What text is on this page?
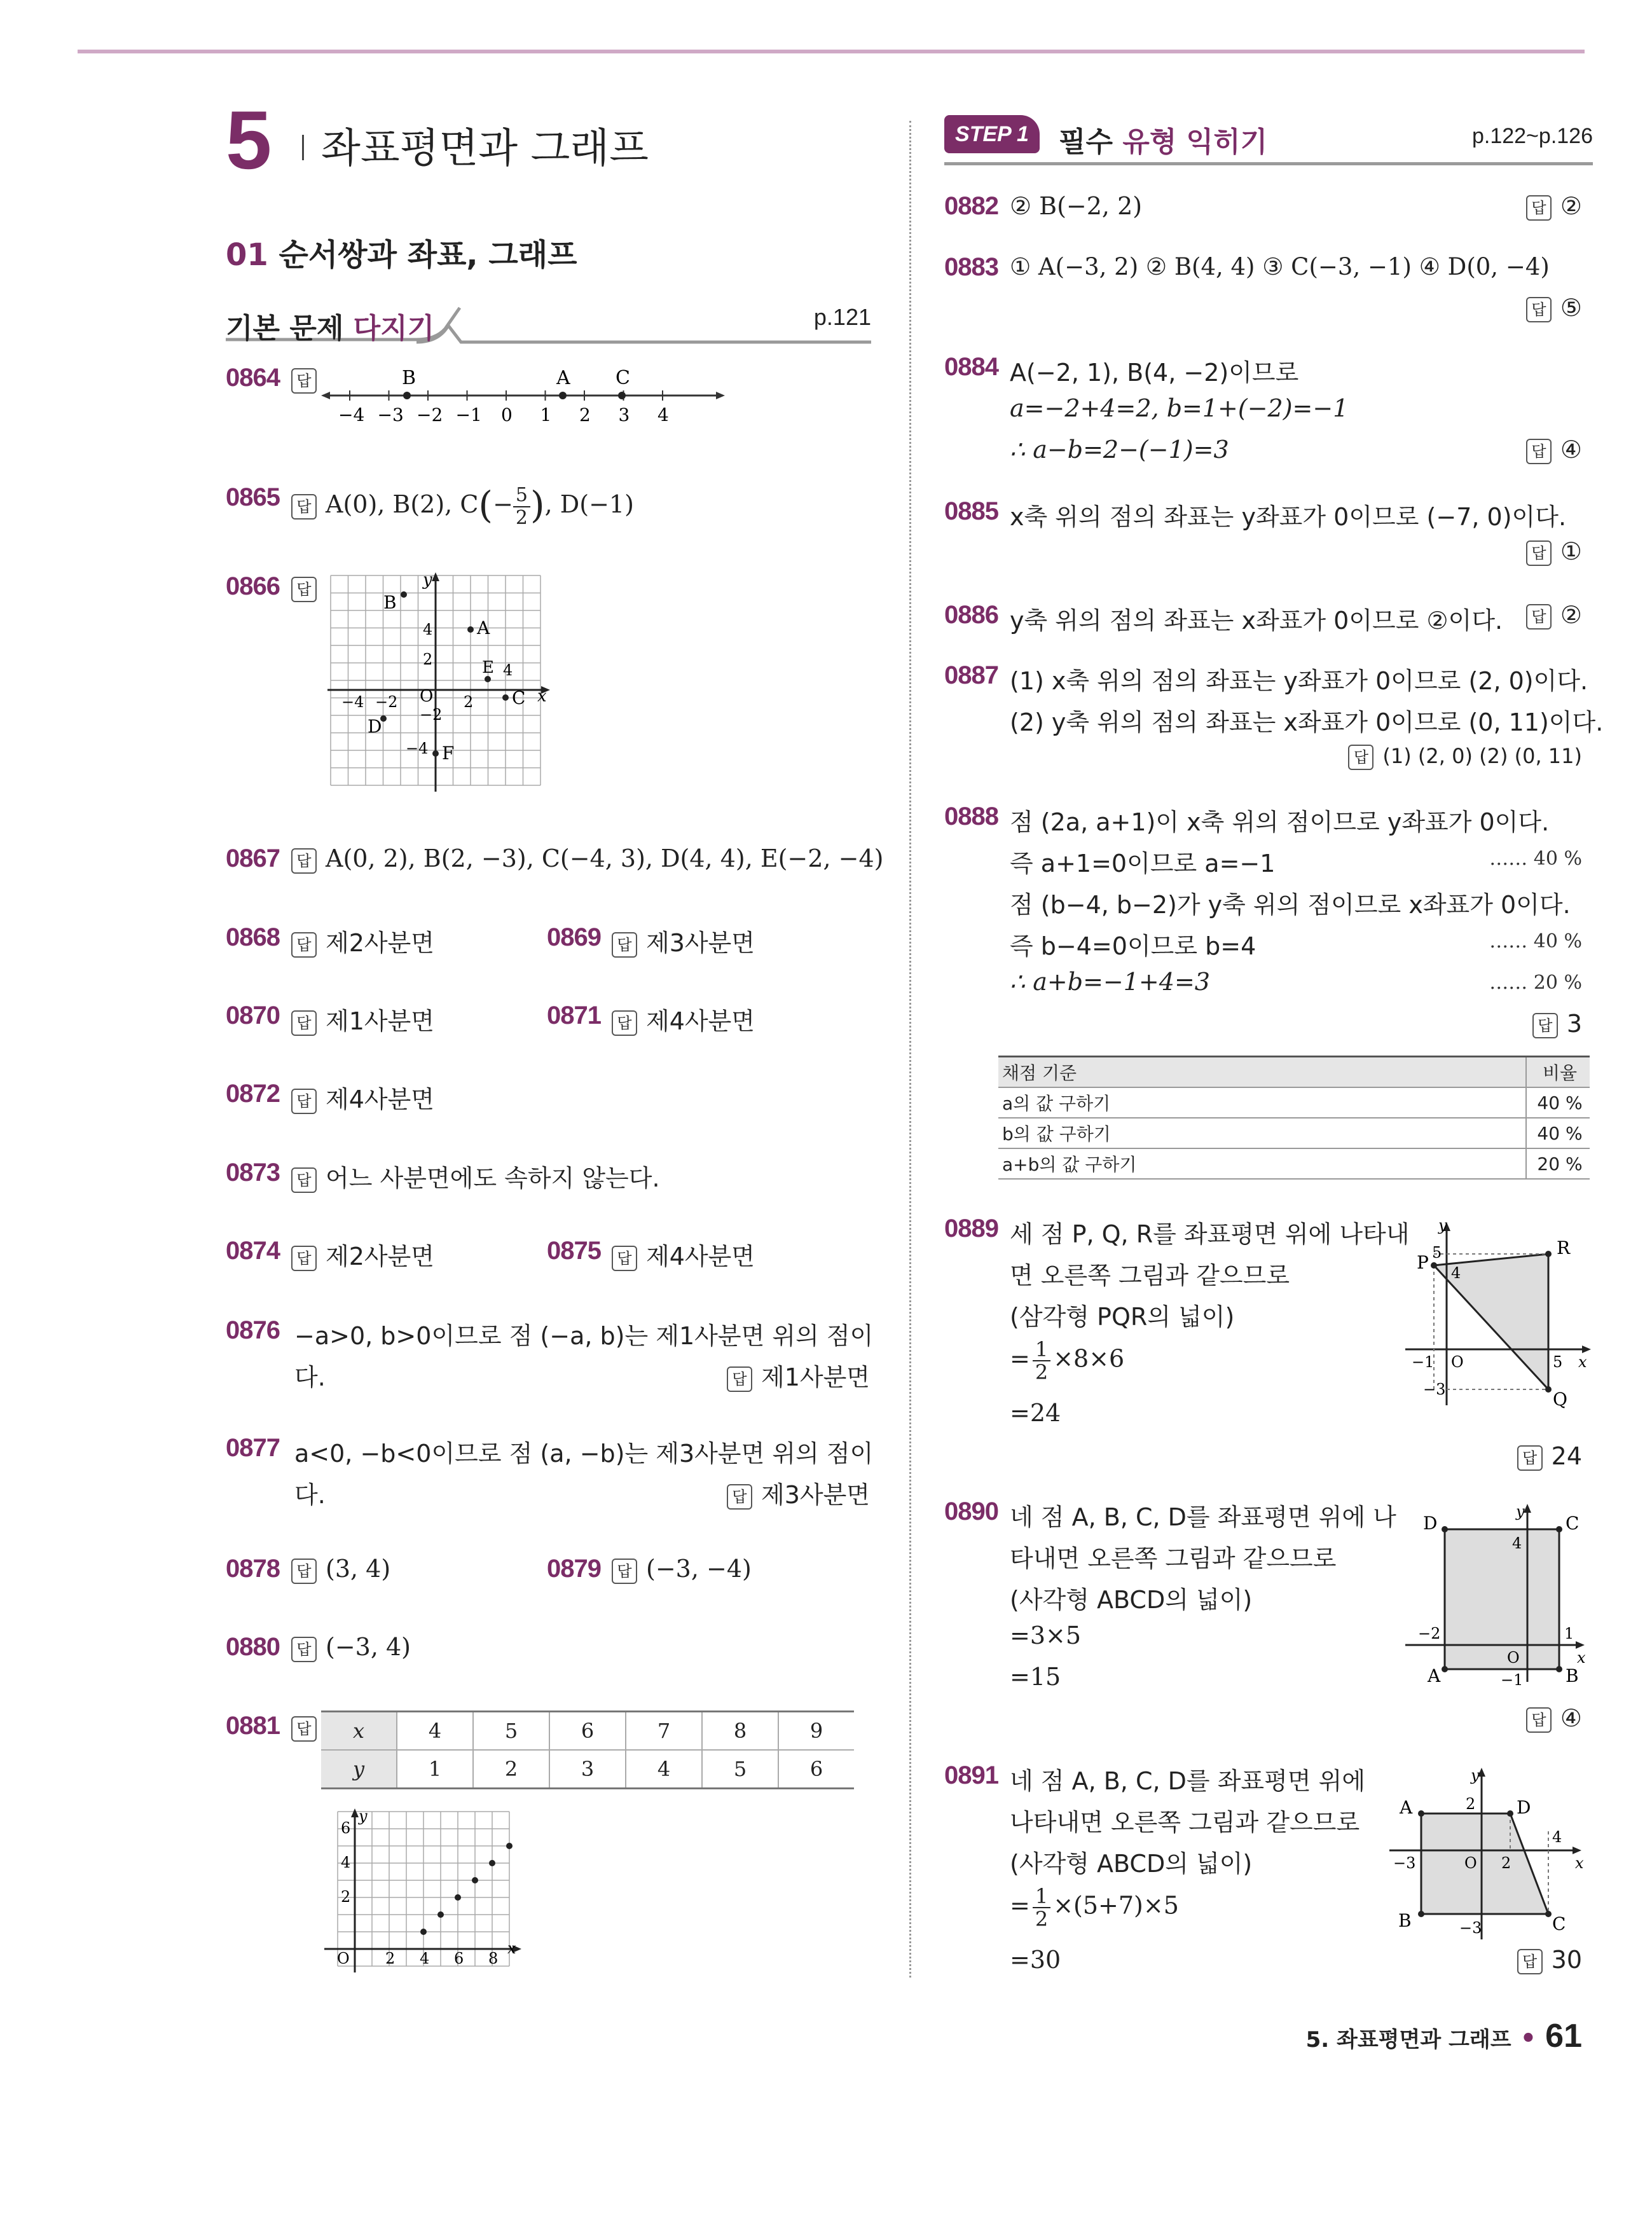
5 좌표평면과 그래프
01 순서쌍과 좌표, 그래프
기본 문제 다지기	p.121
0864	답
−4 −3 −2 −1 0 1 2 3 4
B	A C
0865	답 A(0), B(2), $C(- \frac{5}{2}$ ), D(−1)
0866	답
x
y
O
4
2
2
4
−4 −2
−2
−4
B
A
E
C
D
F
0867	답 A(0, 2), B(2, −3), C(−4, 3), D(4, 4), E(−2, −4)
0868	답 제2사분면	0869	답 제3사분면
0870	답 제1사분면	0871	답 제4사분면
0872	답 제4사분면
0873	답 어느 사분면에도 속하지 않는다.
0874	답 제2사분면	0875	답 제4사분면
0876 −a>0, b>0이므로 점 (−a, b)는 제1사분면 위의 점이
다.	답 제1사분면
0877 a<0, −b<0이므로 점 (a, −b)는 제3사분면 위의 점이
다.	답 제3사분면
0878	답 (3, 4)	0879	답 (−3, −4)
0880	답 (−3, 4)
0881	답	x	4	5	6	7	8	9
y	1	2	3	4	5	6
y
x
O
6
4
2
2 4 6 8
STEP 1	필수 유형 익히기	p.122~p.126
0882 ② B(−2, 2)	답 ②
0883 ① A(−3, 2) ② B(4, 4) ③ C(−3, −1) ④ D(0, −4)
답 ⑤
0884 A(−2, 1), B(4, −2)이므로
a=−2+4=2, b=1+(−2)=−1
∴ a−b=2−(−1)=3	답 ④
0885 x축 위의 점의 좌표는 y좌표가 0이므로 (−7, 0)이다.
답 ①
0886 y축 위의 점의 좌표는 x좌표가 0이므로 ②이다.	답 ②
0887 (1) x축 위의 점의 좌표는 y좌표가 0이므로 (2, 0)이다.
(2) y축 위의 점의 좌표는 x좌표가 0이므로 (0, 11)이다.
답 (1) (2, 0) (2) (0, 11)
0888 점 (2a, a+1)이 x축 위의 점이므로 y좌표가 0이다.
즉 a+1=0이므로 a=−1	…… 40 %
점 (b−4, b−2)가 y축 위의 점이므로 x좌표가 0이다.
즉 b−4=0이므로 b=4	…… 40 %
∴ a+b=−1+4=3	…… 20 %
답 3
채점 기준	비율
a의 값 구하기	40 %
b의 값 구하기	40 %
a+b의 값 구하기	20 %
0889 세 점 P, Q, R를 좌표평면 위에 나타내
면 오른쪽 그림과 같으므로
(삼각형 PQR의 넓이)
= $\frac{1}{2} \times 8\times 6$
=24
답 24
P
R
Q
y
x
5
4
−1 O	5
−3
0890 네 점 A, B, C, D를 좌표평면 위에 나
타내면 오른쪽 그림과 같으므로
(사각형 ABCD의 넓이)
=3×5
=15
답 ④
D	C
A	B
y
x
4
−2	1
O
−1
0891 네 점 A, B, C, D를 좌표평면 위에
나타내면 오른쪽 그림과 같으므로
(사각형 ABCD의 넓이)
= $\frac{1}{2} \times(5+7)\times 5$
=30	답 30
A	D
B	C
y
x
2
4
−3	O 2
−3
5. 좌표평면과 그래프 • 61
